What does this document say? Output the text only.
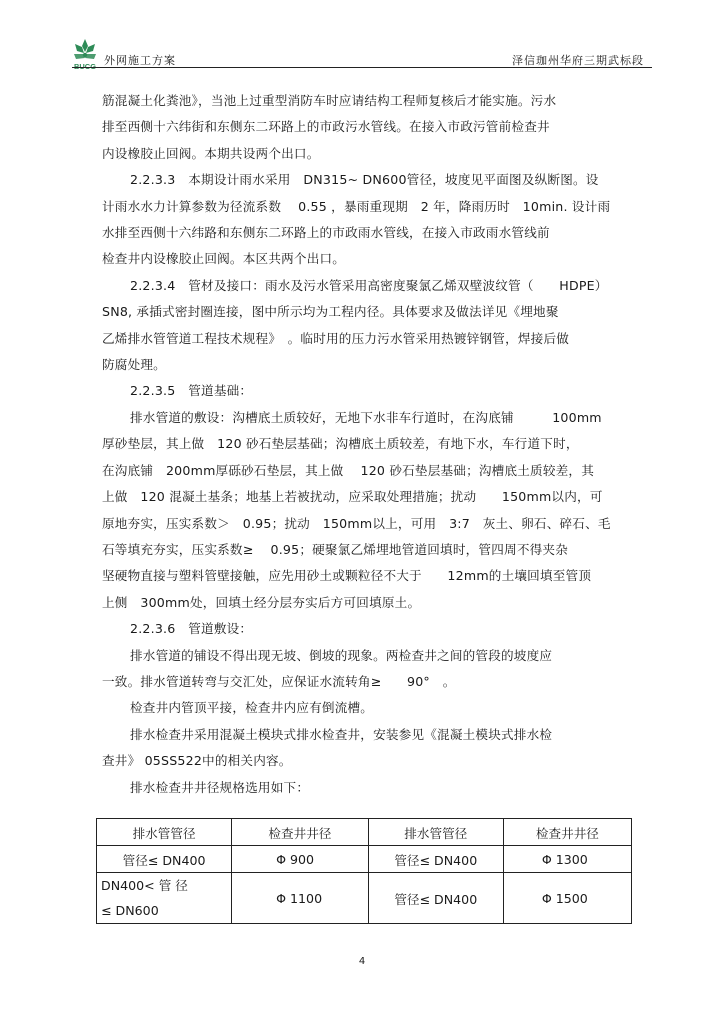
BUCG 外网施工方案	泽信珈州华府三期武标段

筋混凝土化粪池》，当池上过重型消防车时应请结构工程师复核后才能实施。污水

排至西侧十六纬街和东侧东二环路上的市政污水管线。在接入市政污管前检查井

内设橡胶止回阀。本期共设两个出口。

2.2.3.3　本期设计雨水采用　DN315~ DN600管径，坡度见平面图及纵断图。设

计雨水水力计算参数为径流系数　 0.55 ，暴雨重现期　2 年，降雨历时　10min. 设计雨

水排至西侧十六纬路和东侧东二环路上的市政雨水管线，在接入市政雨水管线前

检查井内设橡胶止回阀。本区共两个出口。

2.2.3.4　管材及接口：雨水及污水管采用高密度聚氯乙烯双壁波纹管（　　HDPE）

SN8, 承插式密封圈连接，图中所示均为工程内径。具体要求及做法详见《埋地聚

乙烯排水管管道工程技术规程》　。临时用的压力污水管采用热镀锌钢管，焊接后做

防腐处理。

2.2.3.5　管道基础：

排水管道的敷设：沟槽底土质较好，无地下水非车行道时，在沟底铺　　　100mm

厚砂垫层，其上做　120 砂石垫层基础；沟槽底土质较差，有地下水，车行道下时，

在沟底铺　200mm厚砾砂石垫层，其上做　 120 砂石垫层基础；沟槽底土质较差，其

上做　120 混凝土基条；地基上若被扰动，应采取处理措施；扰动　　150mm以内，可

原地夯实，压实系数＞　0.95；扰动　150mm以上，可用　3:7　灰土、卵石、碎石、毛

石等填充夯实，压实系数≥　 0.95；硬聚氯乙烯埋地管道回填时，管四周不得夹杂

坚硬物直接与塑料管壁接触，应先用砂土或颗粒径不大于　　12mm的土壤回填至管顶

上侧　300mm处，回填土经分层夯实后方可回填原土。

2.2.3.6　管道敷设：

排水管道的铺设不得出现无坡、倒坡的现象。两检查井之间的管段的坡度应

一致。排水管道转弯与交汇处，应保证水流转角≥　　90°　。

检查井内管顶平接，检查井内应有倒流槽。

排水检查井采用混凝土模块式排水检查井，安装参见《混凝土模块式排水检

查井》 05SS522中的相关内容。

排水检查井井径规格选用如下：

排水管管径	检查井井径	排水管管径	检查井井径
管径≤ DN400	Φ 900	管径≤ DN400	Φ 1300
DN400< 管 径
≤ DN600	Φ 1100	管径≤ DN400	Φ 1500
4
